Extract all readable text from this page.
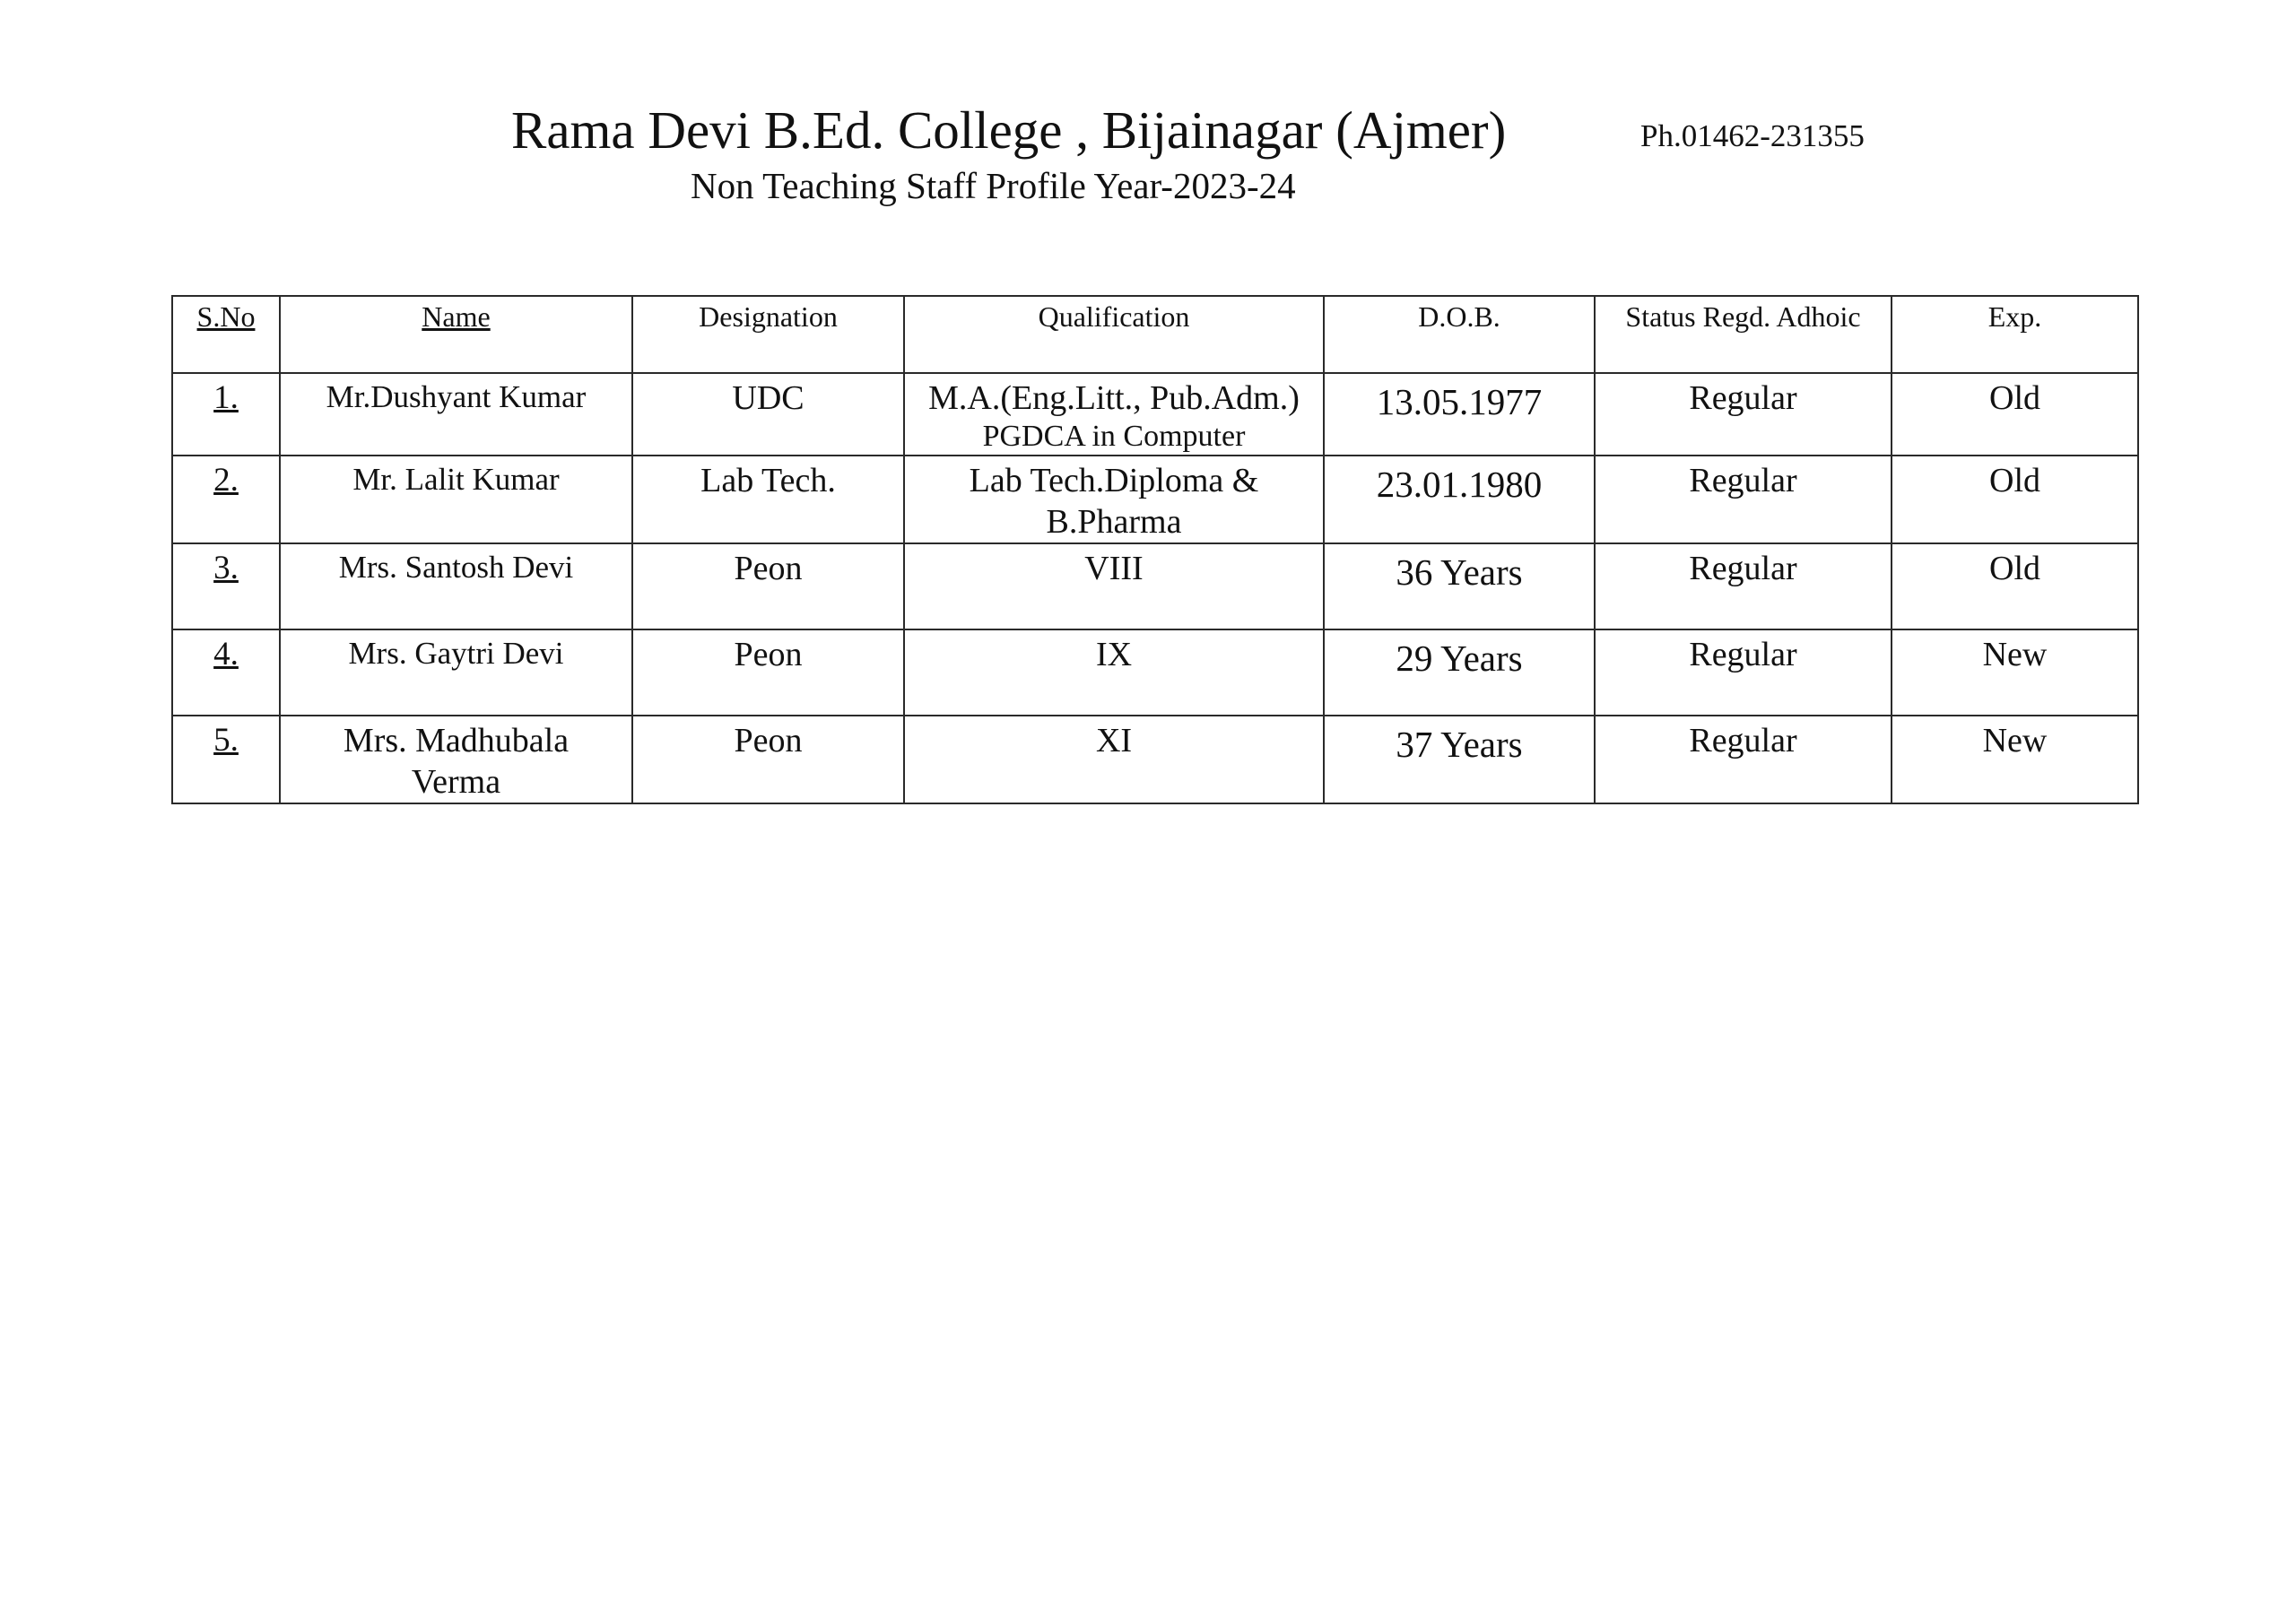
Rama Devi B.Ed. College , Bijainagar (Ajmer)	Ph.01462-231355
Non Teaching Staff Profile Year-2023-24
S.No	Name	Designation	Qualification	D.O.B.	Status Regd. Adhoic	Exp.

1.	Mr.Dushyant Kumar	UDC	M.A.(Eng.Litt., Pub.Adm.)
PGDCA in Computer	13.05.1977	Regular	Old

2.	Mr. Lalit Kumar	Lab Tech.	Lab Tech.Diploma &
B.Pharma	23.01.1980	Regular	Old

3.	Mrs. Santosh Devi	Peon	VIII	36 Years	Regular	Old

4.	Mrs. Gaytri Devi	Peon	IX	29 Years	Regular	New

5.	Mrs. Madhubala
Verma	Peon	XI	37 Years	Regular	New
